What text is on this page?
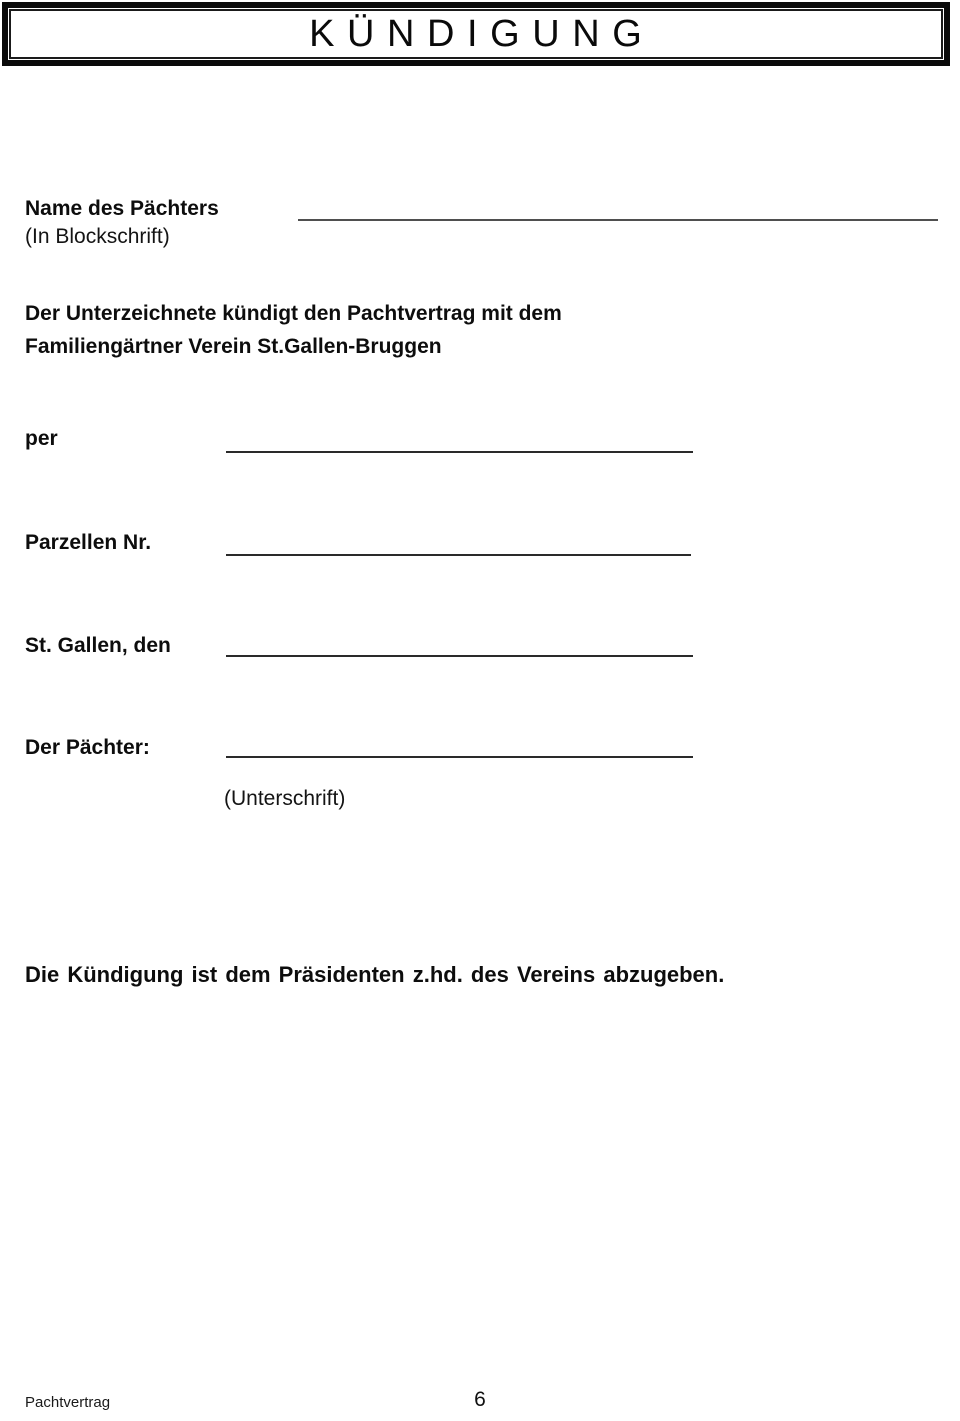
K Ü N D I G U N G
Name des Pächters
(In Blockschrift)
Der Unterzeichnete kündigt den Pachtvertrag mit dem
Familiengärtner Verein St.Gallen-Bruggen
per
Parzellen Nr.
St. Gallen, den
Der Pächter:
(Unterschrift)
Die Kündigung ist dem Präsidenten z.hd. des Vereins abzugeben.
Pachtvertrag	6
